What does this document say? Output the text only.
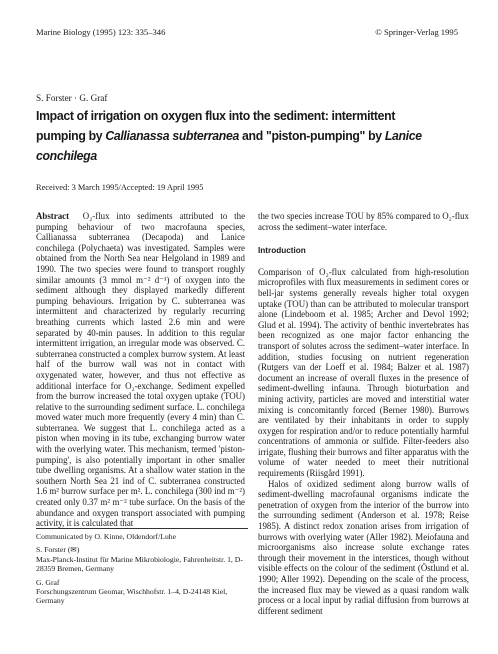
Marine Biology (1995) 123: 335–346	© Springer-Verlag 1995
S. Forster · G. Graf
Impact of irrigation on oxygen flux into the sediment: intermittent pumping by Callianassa subterranea and "piston-pumping" by Lanice conchilega
Received: 3 March 1995/Accepted: 19 April 1995

Abstract O₂-flux into sediments attributed to the pumping behaviour of two macrofauna species, Callianassa subterranea (Decapoda) and Lanice conchilega (Polychaeta) was investigated. Samples were obtained from the North Sea near Helgoland in 1989 and 1990. The two species were found to transport roughly similar amounts (3 mmol m⁻² d⁻¹) of oxygen into the sediment although they displayed markedly different pumping behaviours. Irrigation by C. subterranea was intermittent and characterized by regularly recurring breathing currents which lasted 2.6 min and were separated by 40-min pauses. In addition to this regular intermittent irrigation, an irregular mode was observed. C. subterranea constructed a complex burrow system. At least half of the burrow wall was not in contact with oxygenated water, however, and thus not effective as additional interface for O₂-exchange. Sediment expelled from the burrow increased the total oxygen uptake (TOU) relative to the surrounding sediment surface. L. conchilega moved water much more frequently (every 4 min) than C. subterranea. We suggest that L. conchilega acted as a piston when moving in its tube, exchanging burrow water with the overlying water. This mechanism, termed 'piston-pumping', is also potentially important in other smaller tube dwelling organisms. At a shallow water station in the southern North Sea 21 ind of C. subterranea constructed 1.6 m² burrow surface per m². L. conchilega (300 ind m⁻²) created only 0.37 m² m⁻² tube surface. On the basis of the abundance and oxygen transport associated with pumping activity, it is calculated that

the two species increase TOU by 85% compared to O₂-flux across the sediment–water interface.

Introduction

Comparison of O₂-flux calculated from high-resolution microprofiles with flux measurements in sediment cores or bell-jar systems generally reveals higher total oxygen uptake (TOU) than can be attributed to molecular transport alone (Lindeboom et al. 1985; Archer and Devol 1992; Glud et al. 1994). The activity of benthic invertebrates has been recognized as one major factor enhancing the transport of solutes across the sediment–water interface. In addition, studies focusing on nutrient regeneration (Rutgers van der Loeff et al. 1984; Balzer et al. 1987) document an increase of overall fluxes in the presence of sediment-dwelling infauna. Through bioturbation and mining activity, particles are moved and interstitial water mixing is concomitantly forced (Berner 1980). Burrows are ventilated by their inhabitants in order to supply oxygen for respiration and/or to reduce potentially harmful concentrations of ammonia or sulfide. Filter-feeders also irrigate, flushing their burrows and filter apparatus with the volume of water needed to meet their nutritional requirements (Riisgård 1991).

Halos of oxidized sediment along burrow walls of sediment-dwelling macrofaunal organisms indicate the penetration of oxygen from the interior of the burrow into the surrounding sediment (Anderson et al. 1978; Reise 1985). A distinct redox zonation arises from irrigation of burrows with overlying water (Aller 1982). Meiofauna and microorganisms also increase solute exchange rates through their movement in the interstices, though without visible effects on the colour of the sediment (Östlund et al. 1990; Aller 1992). Depending on the scale of the process, the increased flux may be viewed as a quasi random walk process or a local input by radial diffusion from burrows at different sediment

Communicated by O. Kinne, Oldendorf/Luhe

S. Forster (✉)

Max-Planck-Institut für Marine Mikrobiologie, Fahrenheitstr. 1, D-28359 Bremen, Germany

G. Graf

Forschungszentrum Geomar, Wischhofstr. 1–4, D-24148 Kiel, Germany
